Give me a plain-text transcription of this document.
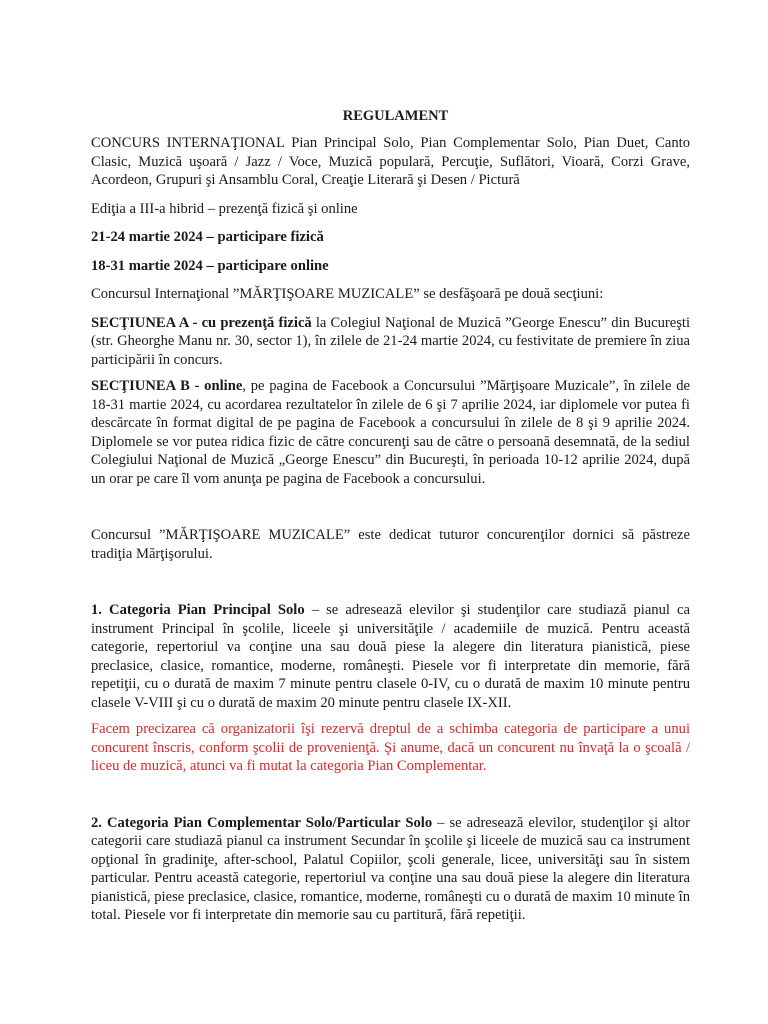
REGULAMENT

CONCURS INTERNAŢIONAL Pian Principal Solo, Pian Complementar Solo, Pian Duet, Canto Clasic, Muzică uşoară / Jazz / Voce, Muzică populară, Percuţie, Suflători, Vioară, Corzi Grave, Acordeon, Grupuri şi Ansamblu Coral, Creaţie Literară şi Desen / Pictură

Ediţia a III-a hibrid – prezenţă fizică şi online

21-24 martie 2024 – participare fizică

18-31 martie 2024 – participare online

Concursul Internaţional ”MĂRŢIŞOARE MUZICALE” se desfăşoară pe două secţiuni:

SECŢIUNEA A - cu prezenţă fizică la Colegiul Naţional de Muzică ”George Enescu” din Bucureşti (str. Gheorghe Manu nr. 30, sector 1), în zilele de 21-24 martie 2024, cu festivitate de premiere în ziua participării în concurs.

SECŢIUNEA B - online, pe pagina de Facebook a Concursului ”Mărţişoare Muzicale”, în zilele de 18-31 martie 2024, cu acordarea rezultatelor în zilele de 6 şi 7 aprilie 2024, iar diplomele vor putea fi descărcate în format digital de pe pagina de Facebook a concursului în zilele de 8 şi 9 aprilie 2024. Diplomele se vor putea ridica fizic de către concurenţi sau de către o persoană desemnată, de la sediul Colegiului Naţional de Muzică „George Enescu” din Bucureşti, în perioada 10-12 aprilie 2024, după un orar pe care îl vom anunţa pe pagina de Facebook a concursului.

Concursul ”MĂRŢIŞOARE MUZICALE” este dedicat tuturor concurenţilor dornici să păstreze tradiţia Mărţişorului.

1. Categoria Pian Principal Solo – se adresează elevilor şi studenţilor care studiază pianul ca instrument Principal în şcolile, liceele şi universităţile / academiile de muzică. Pentru această categorie, repertoriul va conţine una sau două piese la alegere din literatura pianistică, piese preclasice, clasice, romantice, moderne, româneşti. Piesele vor fi interpretate din memorie, fără repetiţii, cu o durată de maxim 7 minute pentru clasele 0-IV, cu o durată de maxim 10 minute pentru clasele V-VIII şi cu o durată de maxim 20 minute pentru clasele IX-XII.

Facem precizarea că organizatorii îşi rezervă dreptul de a schimba categoria de participare a unui concurent înscris, conform şcolii de provenienţă. Şi anume, dacă un concurent nu învaţă la o şcoală / liceu de muzică, atunci va fi mutat la categoria Pian Complementar.

2. Categoria Pian Complementar Solo/Particular Solo – se adresează elevilor, studenţilor şi altor categorii care studiază pianul ca instrument Secundar în şcolile şi liceele de muzică sau ca instrument opţional în gradiniţe, after-school, Palatul Copiilor, şcoli generale, licee, universităţi sau în sistem particular. Pentru această categorie, repertoriul va conţine una sau două piese la alegere din literatura pianistică, piese preclasice, clasice, romantice, moderne, româneşti cu o durată de maxim 10 minute în total. Piesele vor fi interpretate din memorie sau cu partitură, fără repetiţii.
